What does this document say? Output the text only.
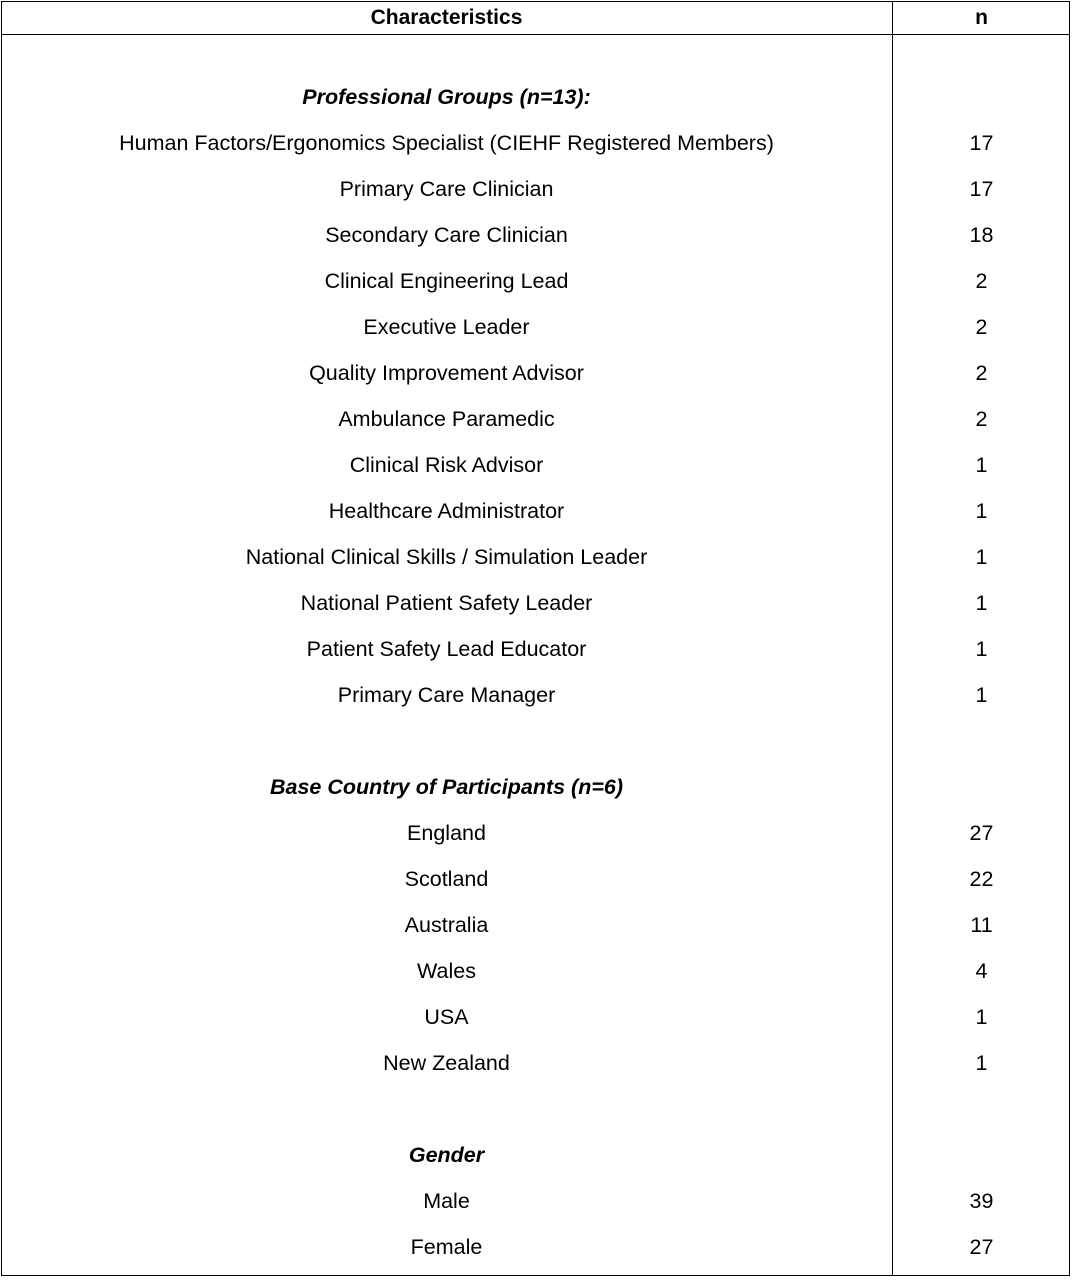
Characteristics	n
Professional Groups (n=13):
Human Factors/Ergonomics Specialist (CIEHF Registered Members)	17
Primary Care Clinician	17
Secondary Care Clinician	18
Clinical Engineering Lead	2
Executive Leader	2
Quality Improvement Advisor	2
Ambulance Paramedic	2
Clinical Risk Advisor	1
Healthcare Administrator	1
National Clinical Skills / Simulation Leader	1
National Patient Safety Leader	1
Patient Safety Lead Educator	1
Primary Care Manager	1
Base Country of Participants (n=6)
England	27
Scotland	22
Australia	11
Wales	4
USA	1
New Zealand	1
Gender
Male	39
Female	27
